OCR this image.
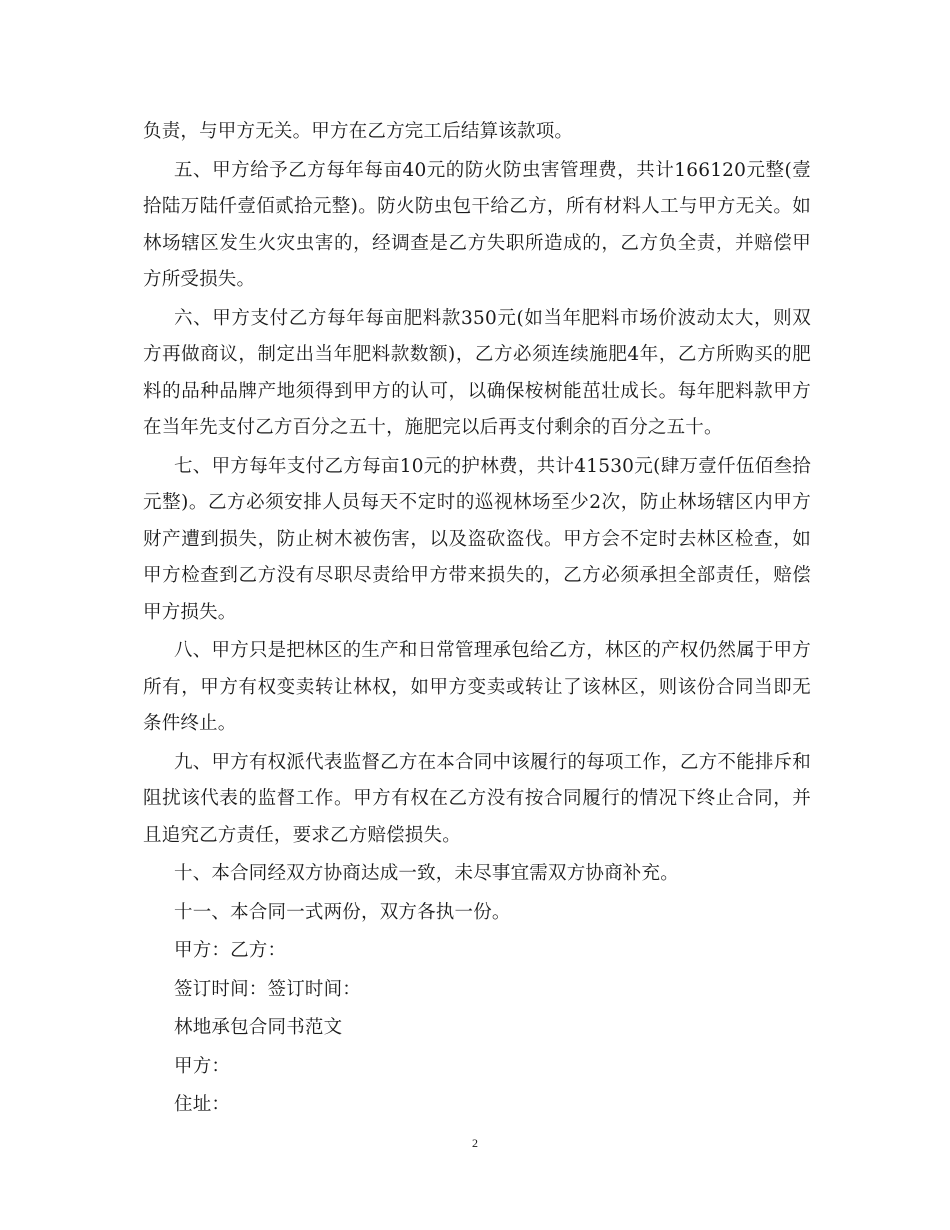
负责，与甲方无关。甲方在乙方完工后结算该款项。

五、甲方给予乙方每年每亩40元的防火防虫害管理费，共计166120元整(壹拾陆万陆仟壹佰贰拾元整)。防火防虫包干给乙方，所有材料人工与甲方无关。如林场辖区发生火灾虫害的，经调查是乙方失职所造成的，乙方负全责，并赔偿甲方所受损失。

六、甲方支付乙方每年每亩肥料款350元(如当年肥料市场价波动太大，则双方再做商议，制定出当年肥料款数额)，乙方必须连续施肥4年，乙方所购买的肥料的品种品牌产地须得到甲方的认可，以确保桉树能茁壮成长。每年肥料款甲方在当年先支付乙方百分之五十，施肥完以后再支付剩余的百分之五十。

七、甲方每年支付乙方每亩10元的护林费，共计41530元(肆万壹仟伍佰叁拾元整)。乙方必须安排人员每天不定时的巡视林场至少2次，防止林场辖区内甲方财产遭到损失，防止树木被伤害，以及盗砍盗伐。甲方会不定时去林区检查，如甲方检查到乙方没有尽职尽责给甲方带来损失的，乙方必须承担全部责任，赔偿甲方损失。

八、甲方只是把林区的生产和日常管理承包给乙方，林区的产权仍然属于甲方所有，甲方有权变卖转让林权，如甲方变卖或转让了该林区，则该份合同当即无条件终止。

九、甲方有权派代表监督乙方在本合同中该履行的每项工作，乙方不能排斥和阻扰该代表的监督工作。甲方有权在乙方没有按合同履行的情况下终止合同，并且追究乙方责任，要求乙方赔偿损失。

十、本合同经双方协商达成一致，未尽事宜需双方协商补充。

十一、本合同一式两份，双方各执一份。

甲方：乙方：

签订时间：签订时间：

林地承包合同书范文

甲方：

住址：

2
